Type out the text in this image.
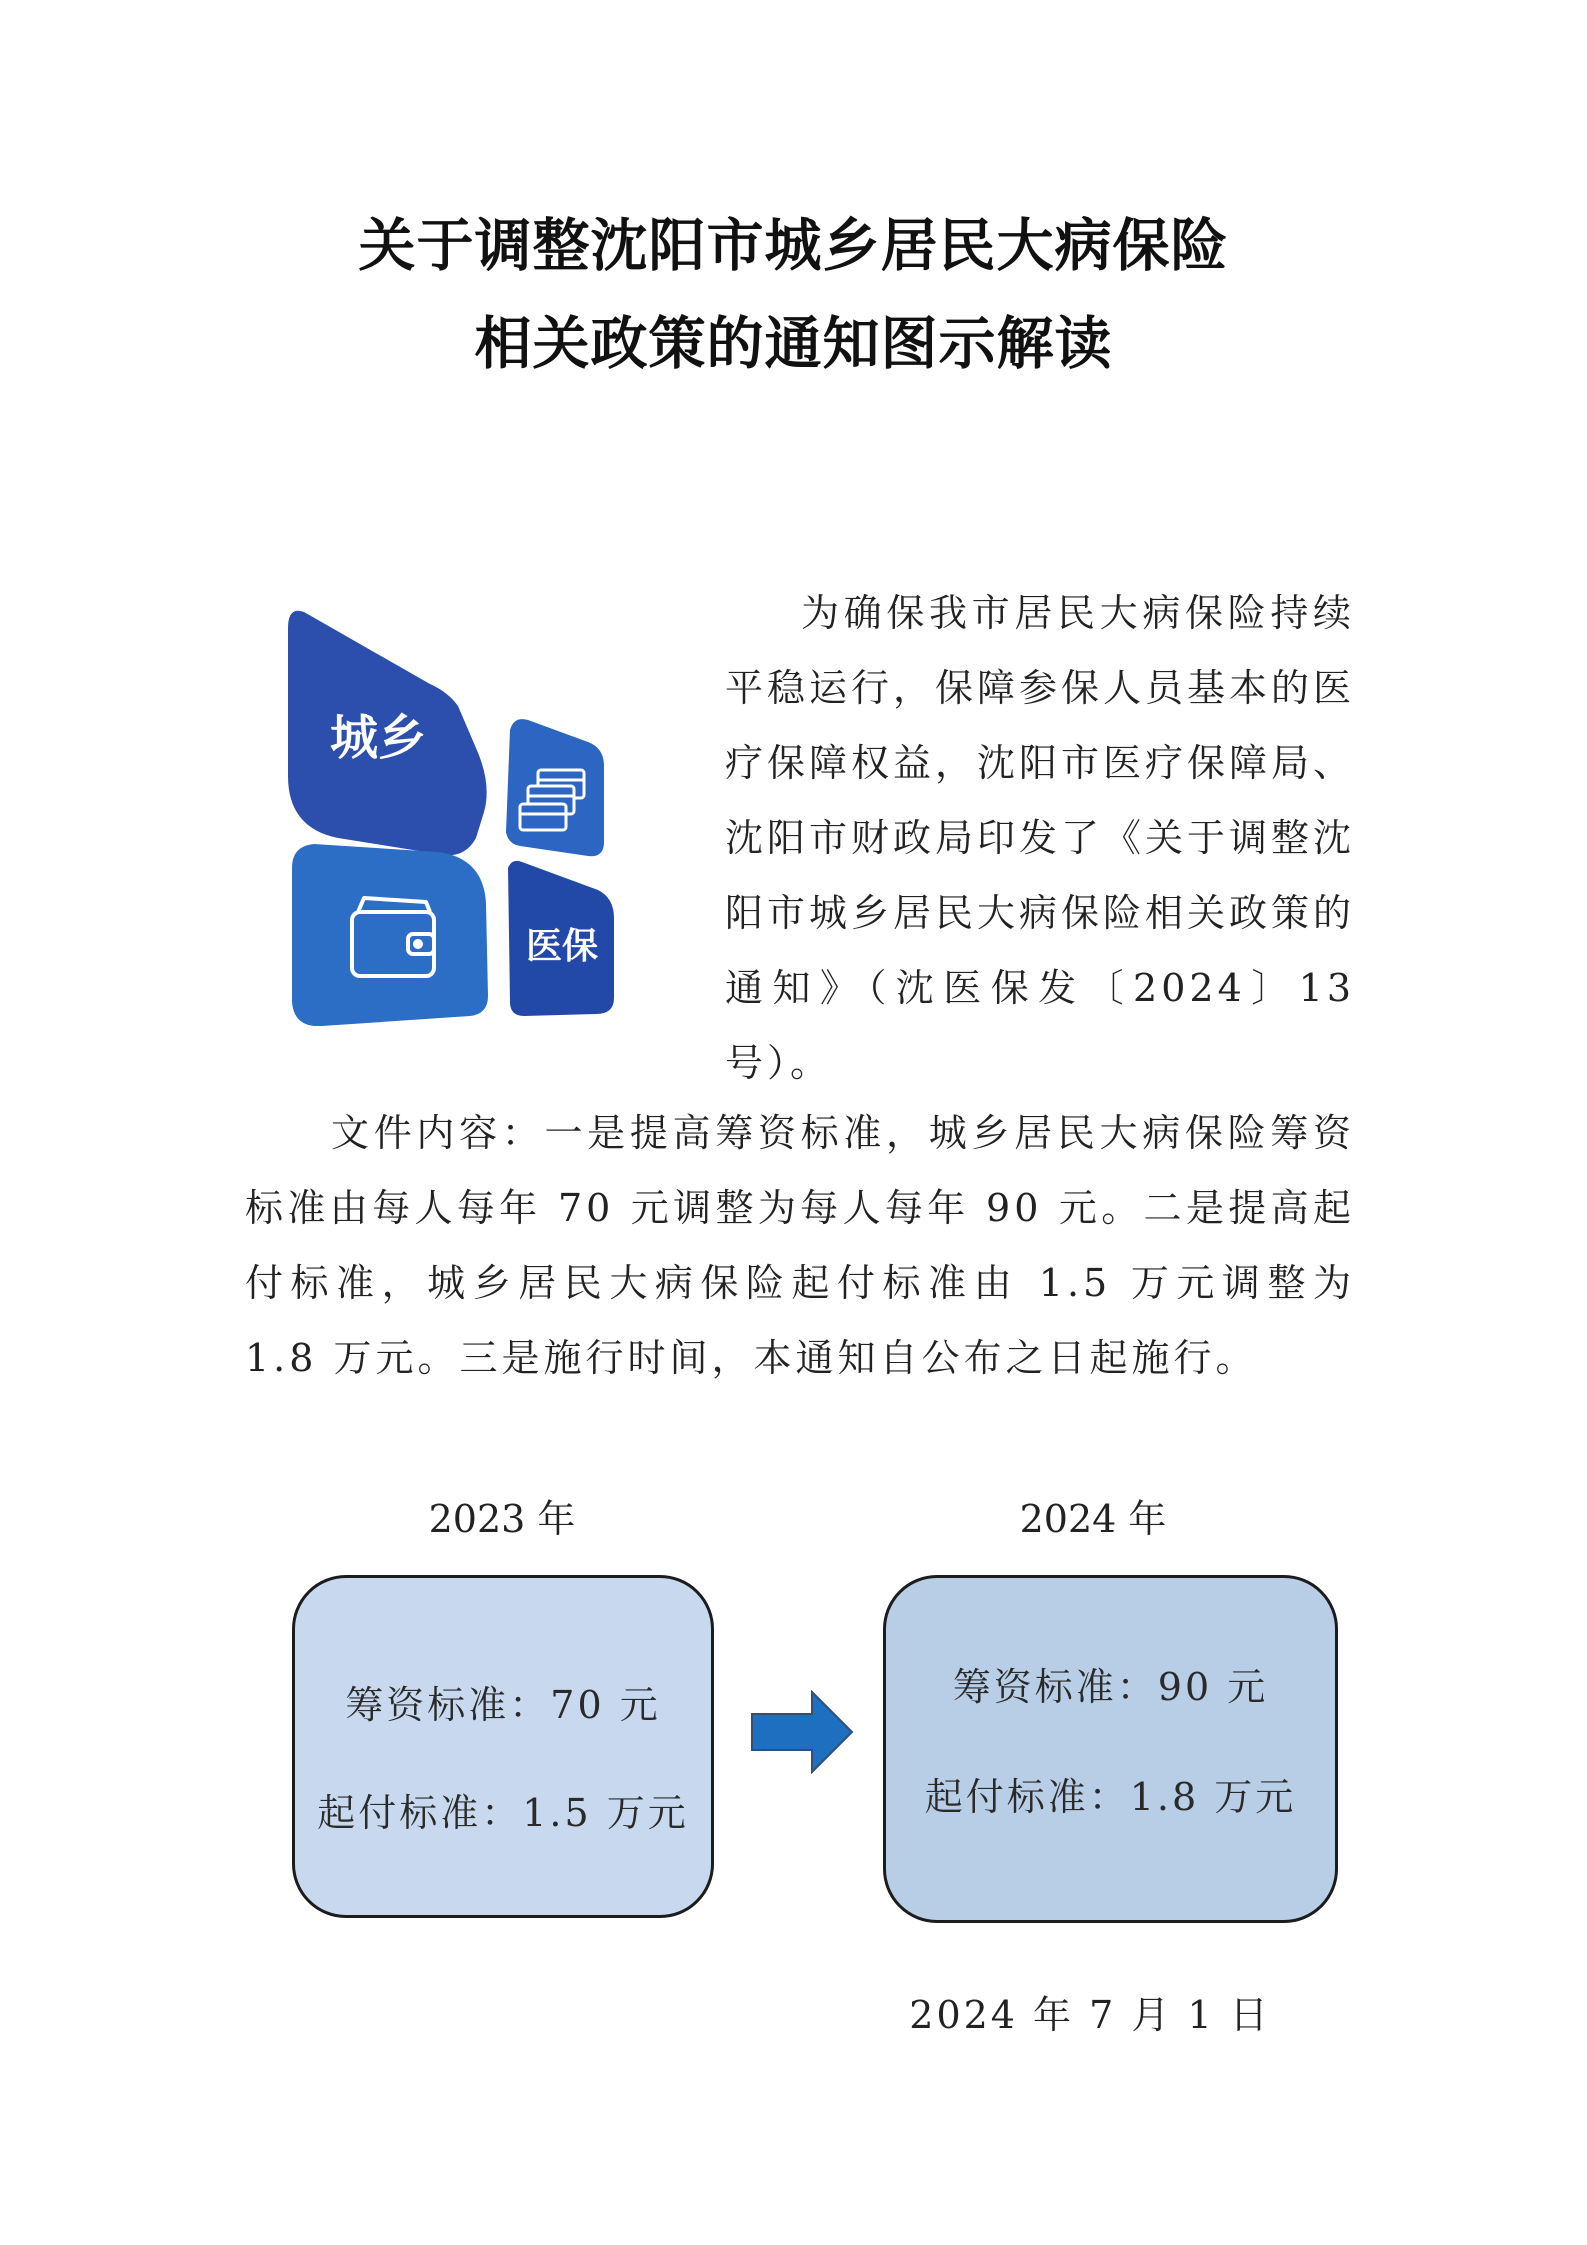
关于调整沈阳市城乡居民大病保险
相关政策的通知图示解读
城乡
医保

为确保我市居民大病保险持续平稳运行，保障参保人员基本的医疗保障权益，沈阳市医疗保障局、沈阳市财政局印发了《关于调整沈阳市城乡居民大病保险相关政策的通知》（沈医保发〔2024〕13 号）。

文件内容：一是提高筹资标准，城乡居民大病保险筹资标准由每人每年 70 元调整为每人每年 90 元。二是提高起付标准，城乡居民大病保险起付标准由 1.5 万元调整为 1.8 万元。三是施行时间，本通知自公布之日起施行。

2023 年	2024 年
筹资标准：70 元
起付标准：1.5 万元
筹资标准：90 元
起付标准：1.8 万元
2024 年 7 月 1 日
